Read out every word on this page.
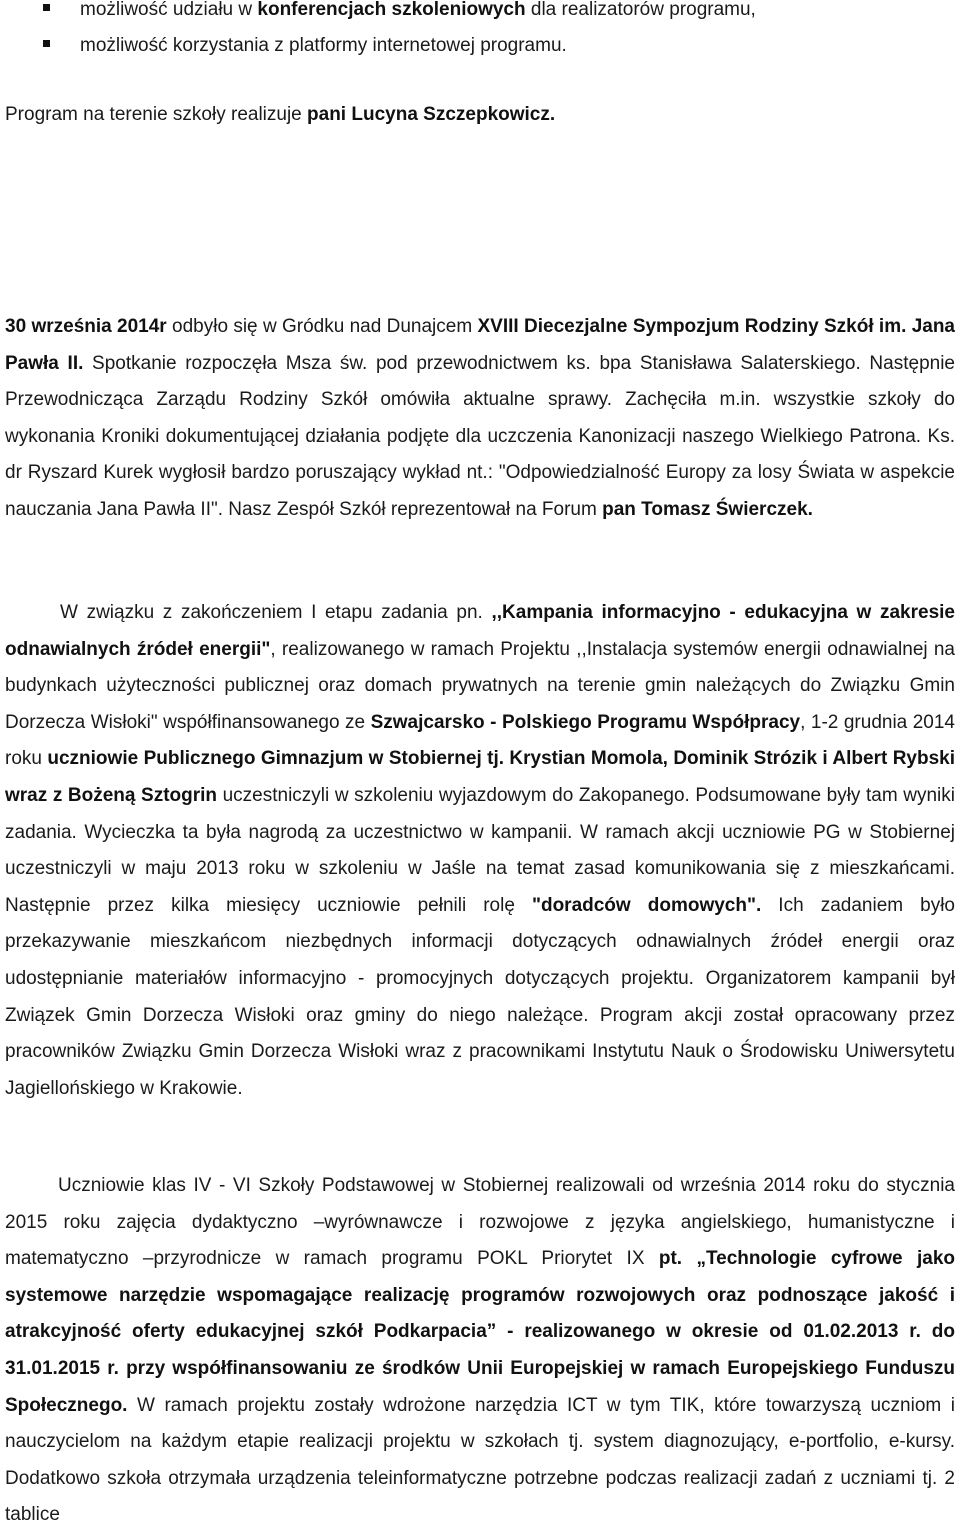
możliwość udziału w konferencjach szkoleniowych dla realizatorów programu,
możliwość korzystania z platformy internetowej programu.
Program na terenie szkoły realizuje pani Lucyna Szczepkowicz.

30 września 2014r odbyło się w Gródku nad Dunajcem XVIII Diecezjalne Sympozjum Rodziny Szkół im. Jana Pawła II. Spotkanie rozpoczęła Msza św. pod przewodnictwem ks. bpa Stanisława Salaterskiego. Następnie Przewodnicząca Zarządu Rodziny Szkół omówiła aktualne sprawy. Zachęciła m.in. wszystkie szkoły do wykonania Kroniki dokumentującej działania podjęte dla uczczenia Kanonizacji naszego Wielkiego Patrona. Ks. dr Ryszard Kurek wygłosił bardzo poruszający wykład nt.: "Odpowiedzialność Europy za losy Świata w aspekcie nauczania Jana Pawła II". Nasz Zespół Szkół reprezentował na Forum pan Tomasz Świerczek.

W związku z zakończeniem I etapu zadania pn. ,,Kampania informacyjno - edukacyjna w zakresie odnawialnych źródeł energii", realizowanego w ramach Projektu ,,Instalacja systemów energii odnawialnej na budynkach użyteczności publicznej oraz domach prywatnych na terenie gmin należących do Związku Gmin Dorzecza Wisłoki" współfinansowanego ze Szwajcarsko - Polskiego Programu Współpracy, 1-2 grudnia 2014 roku uczniowie Publicznego Gimnazjum w Stobiernej tj. Krystian Momola, Dominik Strózik i Albert Rybski wraz z Bożeną Sztogrin uczestniczyli w szkoleniu wyjazdowym do Zakopanego. Podsumowane były tam wyniki zadania. Wycieczka ta była nagrodą za uczestnictwo w kampanii. W ramach akcji uczniowie PG w Stobiernej uczestniczyli w maju 2013 roku w szkoleniu w Jaśle na temat zasad komunikowania się z mieszkańcami. Następnie przez kilka miesięcy uczniowie pełnili rolę "doradców domowych". Ich zadaniem było przekazywanie mieszkańcom niezbędnych informacji dotyczących odnawialnych źródeł energii oraz udostępnianie materiałów informacyjno - promocyjnych dotyczących projektu. Organizatorem kampanii był Związek Gmin Dorzecza Wisłoki oraz gminy do niego należące. Program akcji został opracowany przez pracowników Związku Gmin Dorzecza Wisłoki wraz z pracownikami Instytutu Nauk o Środowisku Uniwersytetu Jagiellońskiego w Krakowie.

Uczniowie klas IV - VI Szkoły Podstawowej w Stobiernej realizowali od września 2014 roku do stycznia 2015 roku zajęcia dydaktyczno –wyrównawcze i rozwojowe z języka angielskiego, humanistyczne i matematyczno –przyrodnicze w ramach programu POKL Priorytet IX pt. „Technologie cyfrowe jako systemowe narzędzie wspomagające realizację programów rozwojowych oraz podnoszące jakość i atrakcyjność oferty edukacyjnej szkół Podkarpacia” - realizowanego w okresie od 01.02.2013 r. do 31.01.2015 r. przy współfinansowaniu ze środków Unii Europejskiej w ramach Europejskiego Funduszu Społecznego. W ramach projektu zostały wdrożone narzędzia ICT w tym TIK, które towarzyszą uczniom i nauczycielom na każdym etapie realizacji projektu w szkołach tj. system diagnozujący, e-portfolio, e-kursy. Dodatkowo szkoła otrzymała urządzenia teleinformatyczne potrzebne podczas realizacji zadań z uczniami tj. 2 tablice
